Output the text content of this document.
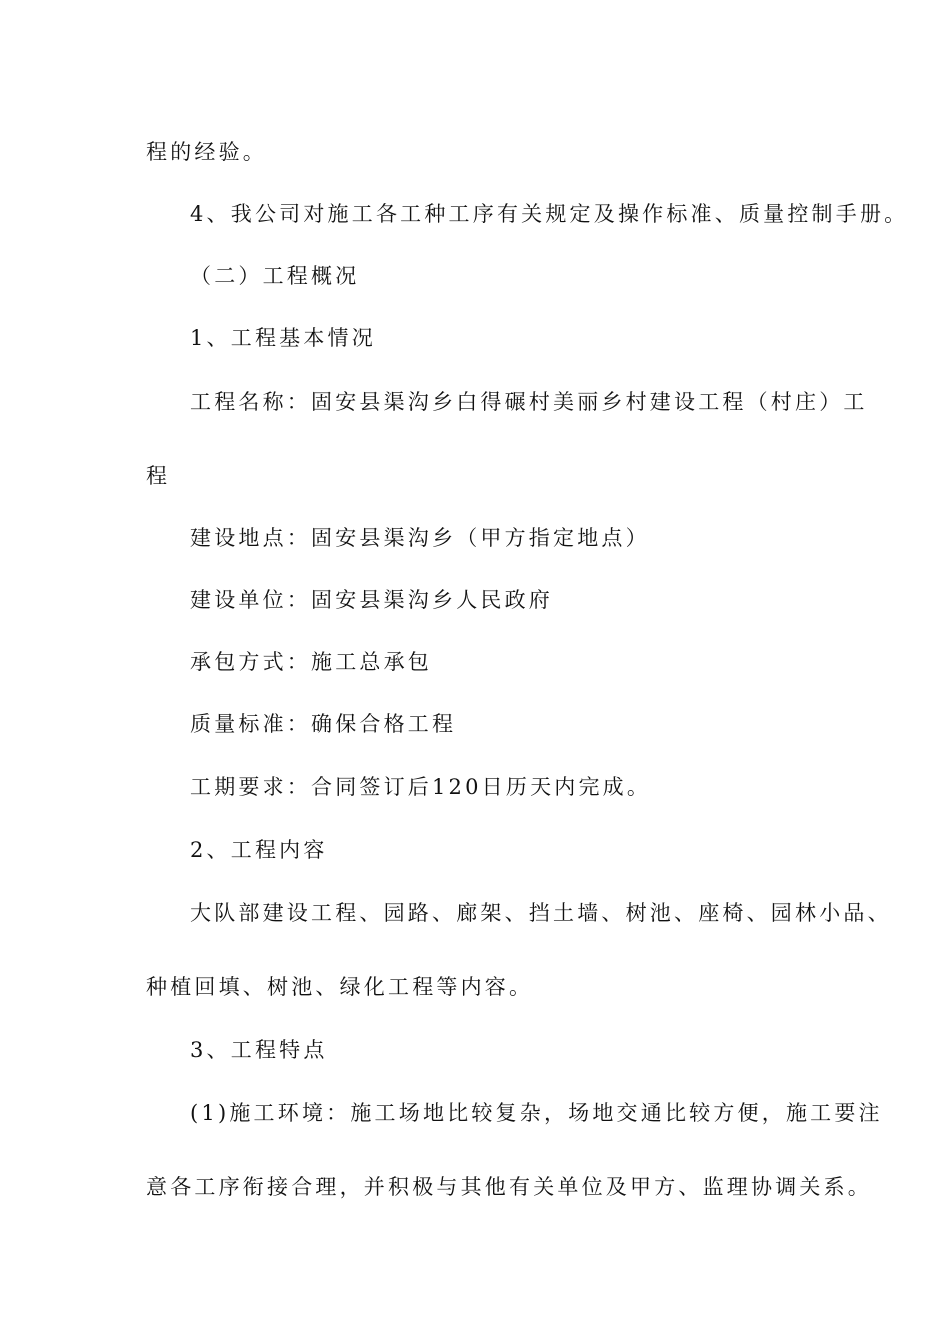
程的经验。
4、我公司对施工各工种工序有关规定及操作标准、质量控制手册。
（二）工程概况
1、工程基本情况
工程名称：固安县渠沟乡白得碾村美丽乡村建设工程（村庄）工
程
建设地点：固安县渠沟乡（甲方指定地点）
建设单位：固安县渠沟乡人民政府
承包方式：施工总承包
质量标准：确保合格工程
工期要求：合同签订后120日历天内完成。
2、工程内容
大队部建设工程、园路、廊架、挡土墙、树池、座椅、园林小品、
种植回填、树池、绿化工程等内容。
3、工程特点
(1)施工环境：施工场地比较复杂，场地交通比较方便，施工要注
意各工序衔接合理，并积极与其他有关单位及甲方、监理协调关系。
